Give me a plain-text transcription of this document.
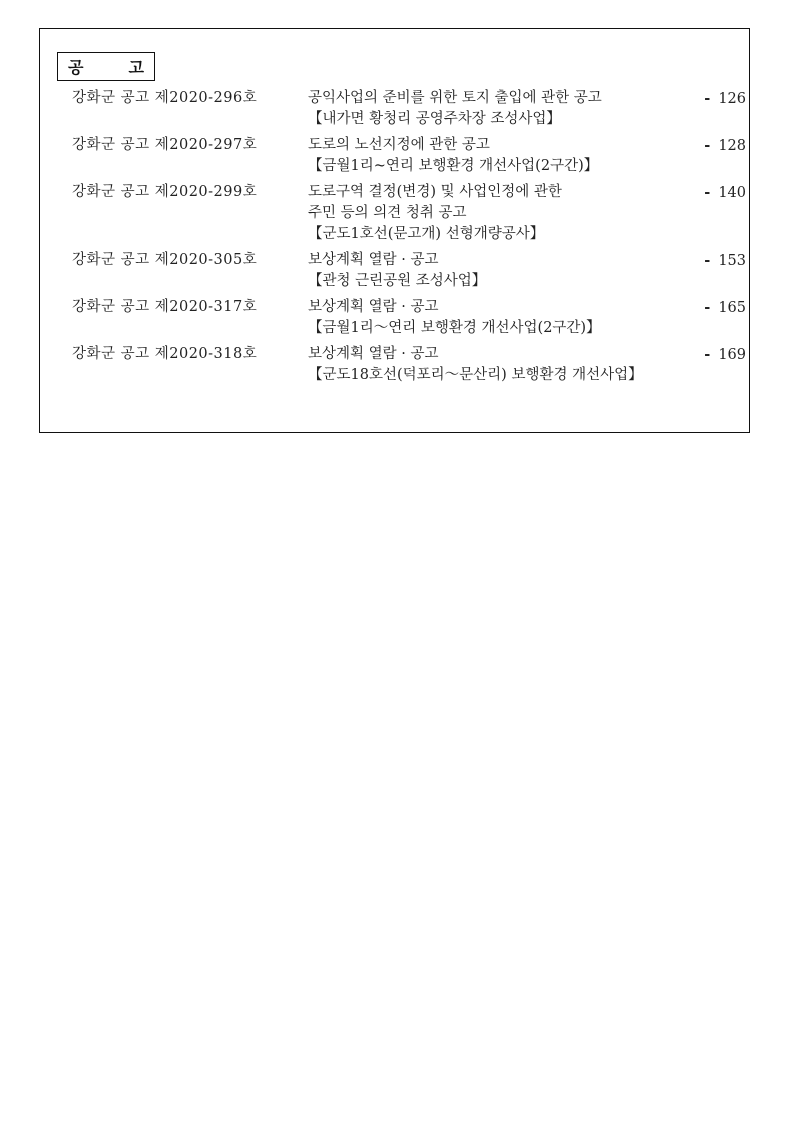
공	고
강화군 공고 제2020-296호	공익사업의 준비를 위한 토지 출입에 관한 공고
【내가면 황청리 공영주차장 조성사업】
- 126
강화군 공고 제2020-297호	도로의 노선지정에 관한 공고
【금월1리~연리 보행환경 개선사업(2구간)】
- 128
강화군 공고 제2020-299호	도로구역 결정(변경) 및 사업인정에 관한
주민 등의 의견 청취 공고
【군도1호선(문고개) 선형개량공사】
- 140
강화군 공고 제2020-305호	보상계획 열람 · 공고
【관청 근린공원 조성사업】
- 153
강화군 공고 제2020-317호	보상계획 열람 · 공고
【금월1리～연리 보행환경 개선사업(2구간)】
- 165
강화군 공고 제2020-318호	보상계획 열람 · 공고
【군도18호선(덕포리～문산리) 보행환경 개선사업】
- 169
